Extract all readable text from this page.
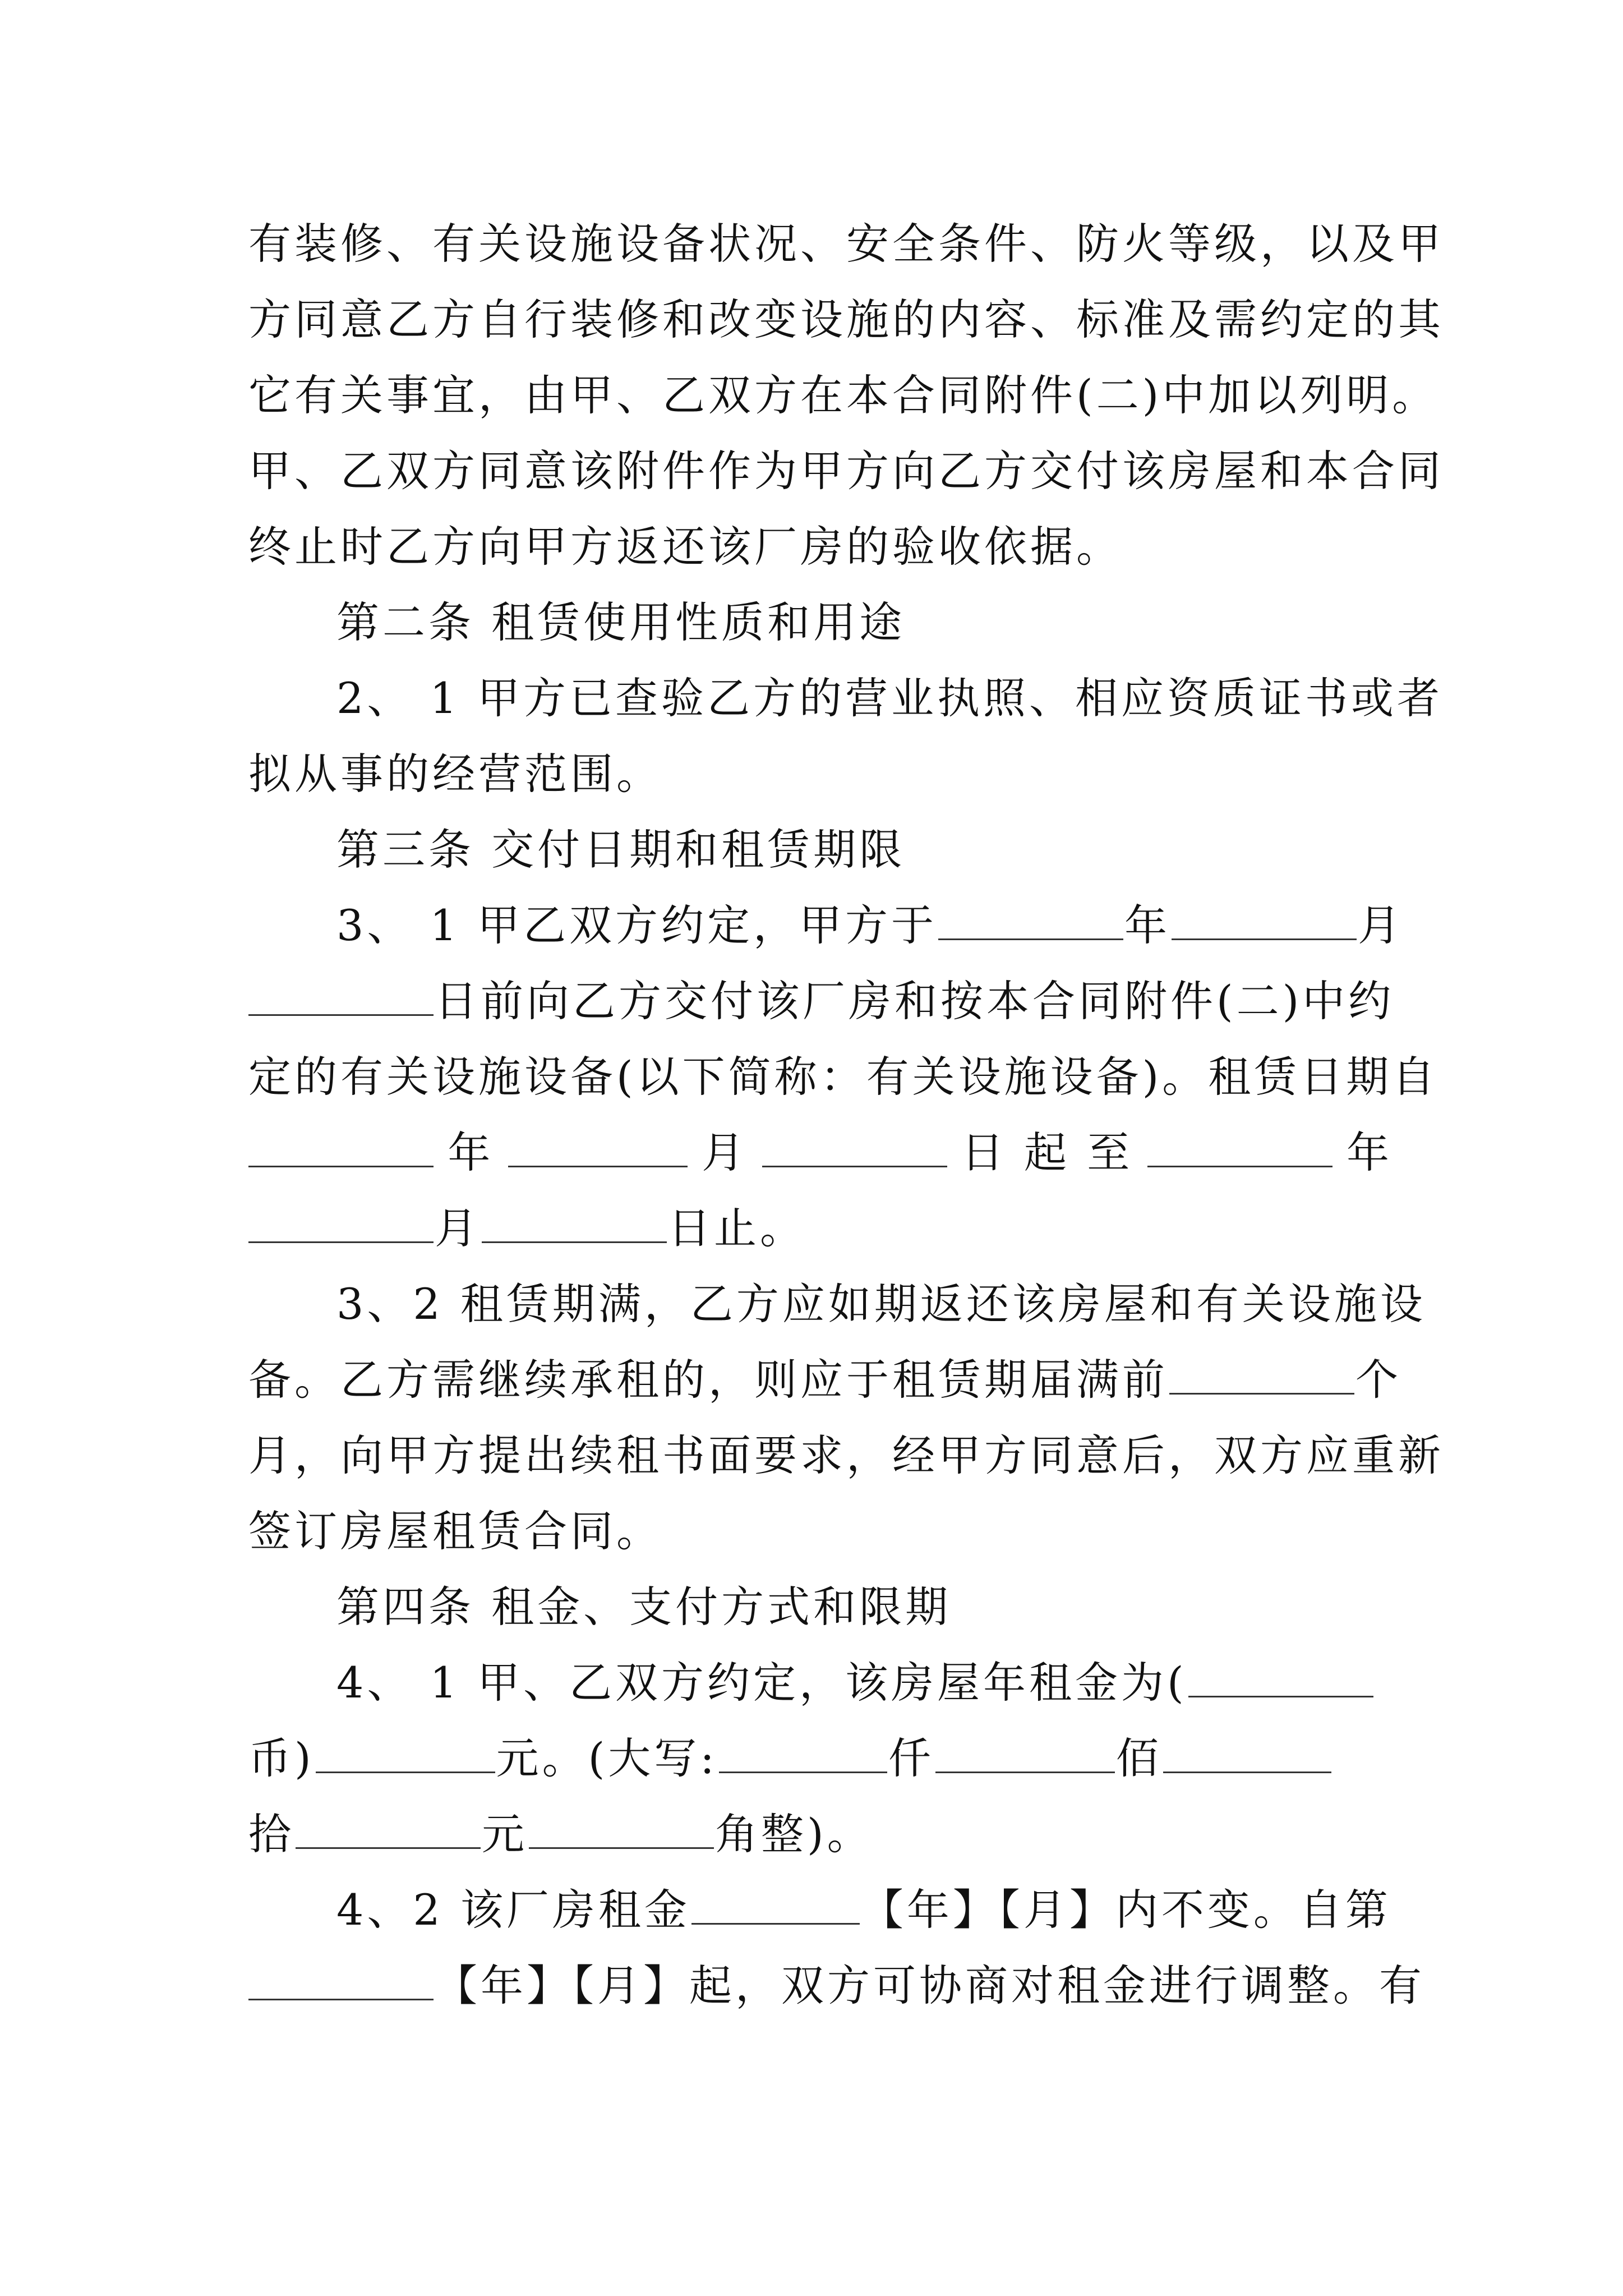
有装修、有关设施设备状况、安全条件、防火等级，以及甲
方同意乙方自行装修和改变设施的内容、标准及需约定的其
它有关事宜，由甲、乙双方在本合同附件(二)中加以列明。
甲、乙双方同意该附件作为甲方向乙方交付该房屋和本合同
终止时乙方向甲方返还该厂房的验收依据。
第二条 租赁使用性质和用途
2、 1 甲方已查验乙方的营业执照、相应资质证书或者
拟从事的经营范围。
第三条 交付日期和租赁期限
3、 1 甲乙双方约定，甲方于	年	月
日前向乙方交付该厂房和按本合同附件(二)中约
定的有关设施设备(以下简称：有关设施设备)。租赁日期自
年	月	日 起 至	年
月	日止。
3、2 租赁期满，乙方应如期返还该房屋和有关设施设
备。乙方需继续承租的，则应于租赁期届满前	个
月，向甲方提出续租书面要求，经甲方同意后，双方应重新
签订房屋租赁合同。
第四条 租金、支付方式和限期
4、 1 甲、乙双方约定，该房屋年租金为(
币)	元。(大写:	仟	佰
拾	元	角整)。
4、2 该厂房租金	【年】【月】内不变。自第
【年】【月】起，双方可协商对租金进行调整。有
